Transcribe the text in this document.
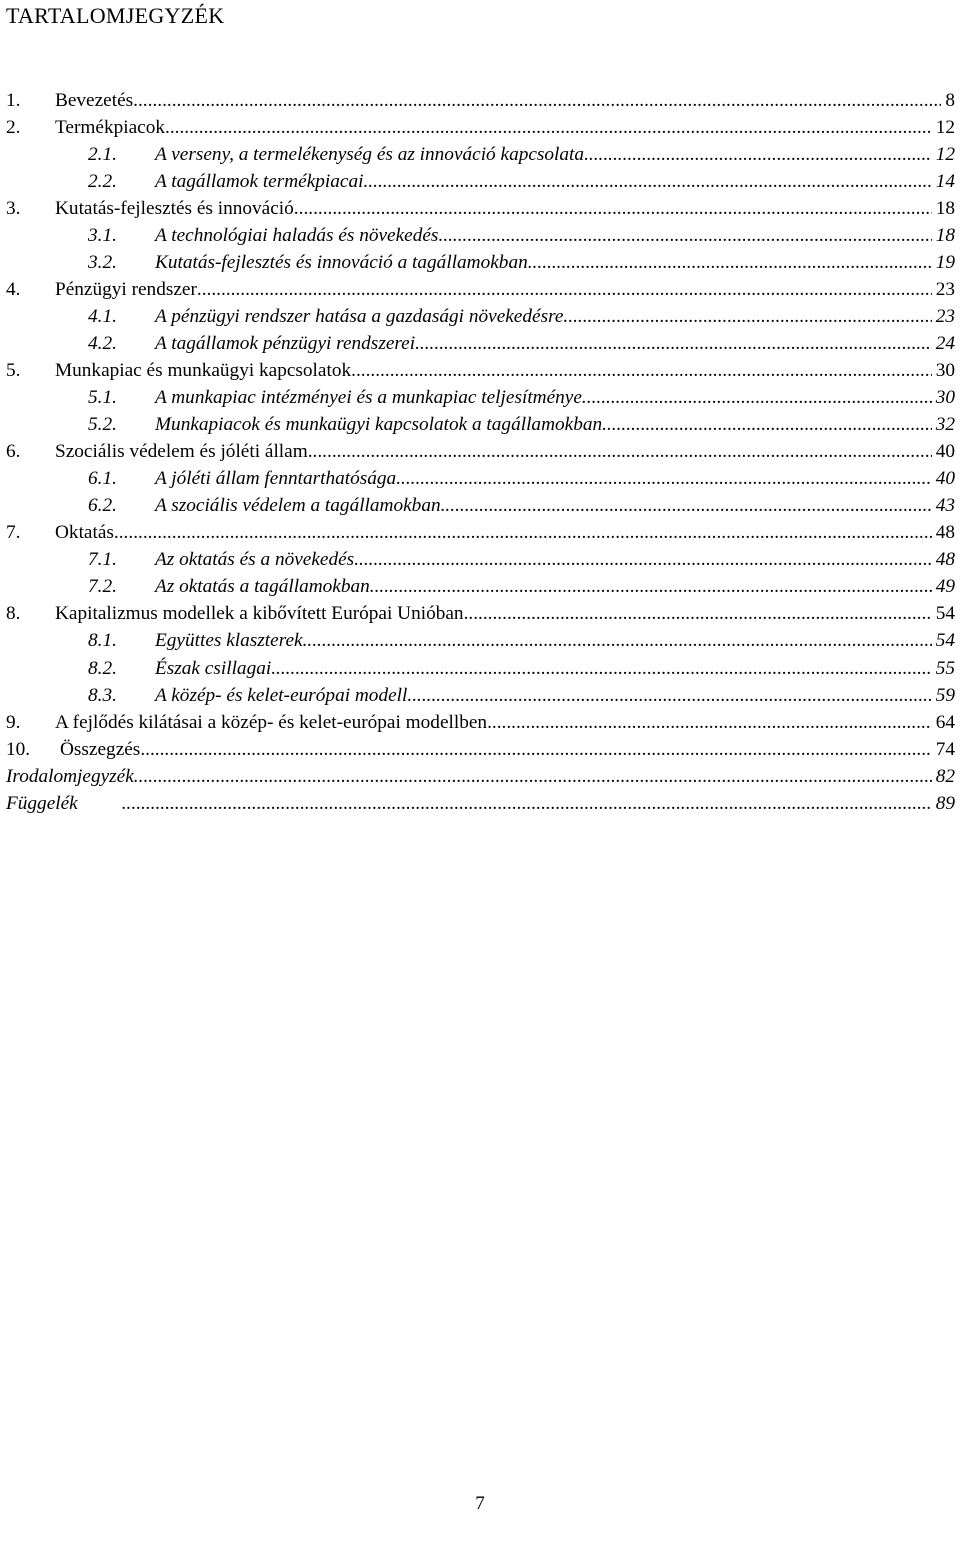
TARTALOMJEGYZÉK
1.	Bevezetés .....	8
2.	Termékpiacok .....	12
2.1.	A verseny, a termelékenység és az innováció kapcsolata .....	12
2.2.	A tagállamok termékpiacai .....	14
3.	Kutatás-fejlesztés és innováció .....	18
3.1.	A technológiai haladás és növekedés .....	18
3.2.	Kutatás-fejlesztés és innováció a tagállamokban .....	19
4.	Pénzügyi rendszer .....	23
4.1.	A pénzügyi rendszer hatása a gazdasági növekedésre .....	23
4.2.	A tagállamok pénzügyi rendszerei .....	24
5.	Munkapiac és munkaügyi kapcsolatok .....	30
5.1.	A munkapiac intézményei és a munkapiac teljesítménye .....	30
5.2.	Munkapiacok és munkaügyi kapcsolatok a tagállamokban .....	32
6.	Szociális védelem és jóléti állam .....	40
6.1.	A jóléti állam fenntarthatósága .....	40
6.2.	A szociális védelem a tagállamokban .....	43
7.	Oktatás .....	48
7.1.	Az oktatás és a növekedés .....	48
7.2.	Az oktatás a tagállamokban .....	49
8.	Kapitalizmus modellek a kibővített Európai Unióban .....	54
8.1.	Együttes klaszterek .....	54
8.2.	Észak csillagai .....	55
8.3.	A közép- és kelet-európai modell .....	59
9.	A fejlődés kilátásai a közép- és kelet-európai modellben .....	64
10.	Összegzés .....	74
Irodalomjegyzék .....	82
Függelék .....	89
7
